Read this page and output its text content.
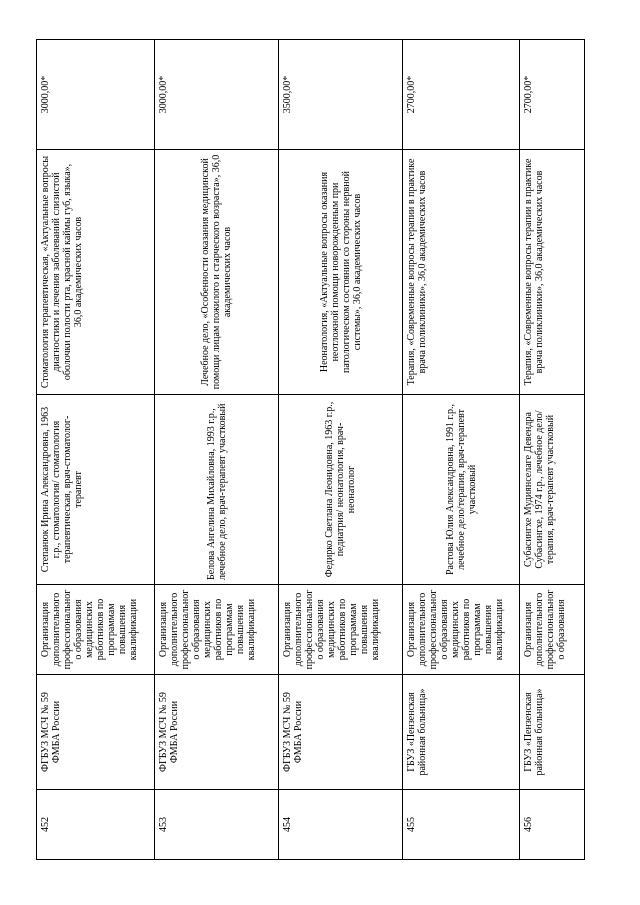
452	ФГБУЗ МСЧ № 59 ФМБА России	Организация дополнительного профессионального образования медицинских работников по программам повышения квалификации	Степанюк Ирина Александровна, 1963 г.р., стоматология/ стоматология терапевтическая, врач-стоматолог-терапевт	Стоматология терапевтическая, «Актуальные вопросы диагностики и лечения заболеваний слизистой оболочки полости рта, красной каймы губ, языка», 36,0 академических часов	3000,00*
453	ФГБУЗ МСЧ № 59 ФМБА России	Организация дополнительного профессионального образования медицинских работников по программам повышения квалификации	Белова Ангелина Михайловна, 1993 г.р., лечебное дело, врач-терапевт участковый	Лечебное дело, «Особенности оказания медицинской помощи лицам пожилого и старческого возраста», 36,0 академических часов	3000,00*
454	ФГБУЗ МСЧ № 59 ФМБА России	Организация дополнительного профессионального образования медицинских работников по программам повышения квалификации	Федирко Светлана Леонидовна, 1963 г.р., педиатрия/ неонатология, врач-неонатолог	Неонатология, «Актуальные вопросы оказания неотложной помощи новорожденным при патологическом состоянии со стороны нервной системы», 36,0 академических часов	3500,00*
455	ГБУЗ «Пензенская районная больница»	Организация дополнительного профессионального образования медицинских работников по программам повышения квалификации	Растова Юлия Александровна, 1991 г.р., лечебное дело/терапия, врач-терапевт участковый	Терапия, «Современные вопросы терапии в практике врача поликлиники», 36,0 академических часов	2700,00*
456	ГБУЗ «Пензенская районная больница»	Организация дополнительного профессионального образования	Субасингхе Мудиянселаге Девендра Субасингхе, 1974 г.р., лечебное дело/терапия, врач-терапевт участковый	Терапия, «Современные вопросы терапии в практике врача поликлиники», 36,0 академических часов	2700,00*
